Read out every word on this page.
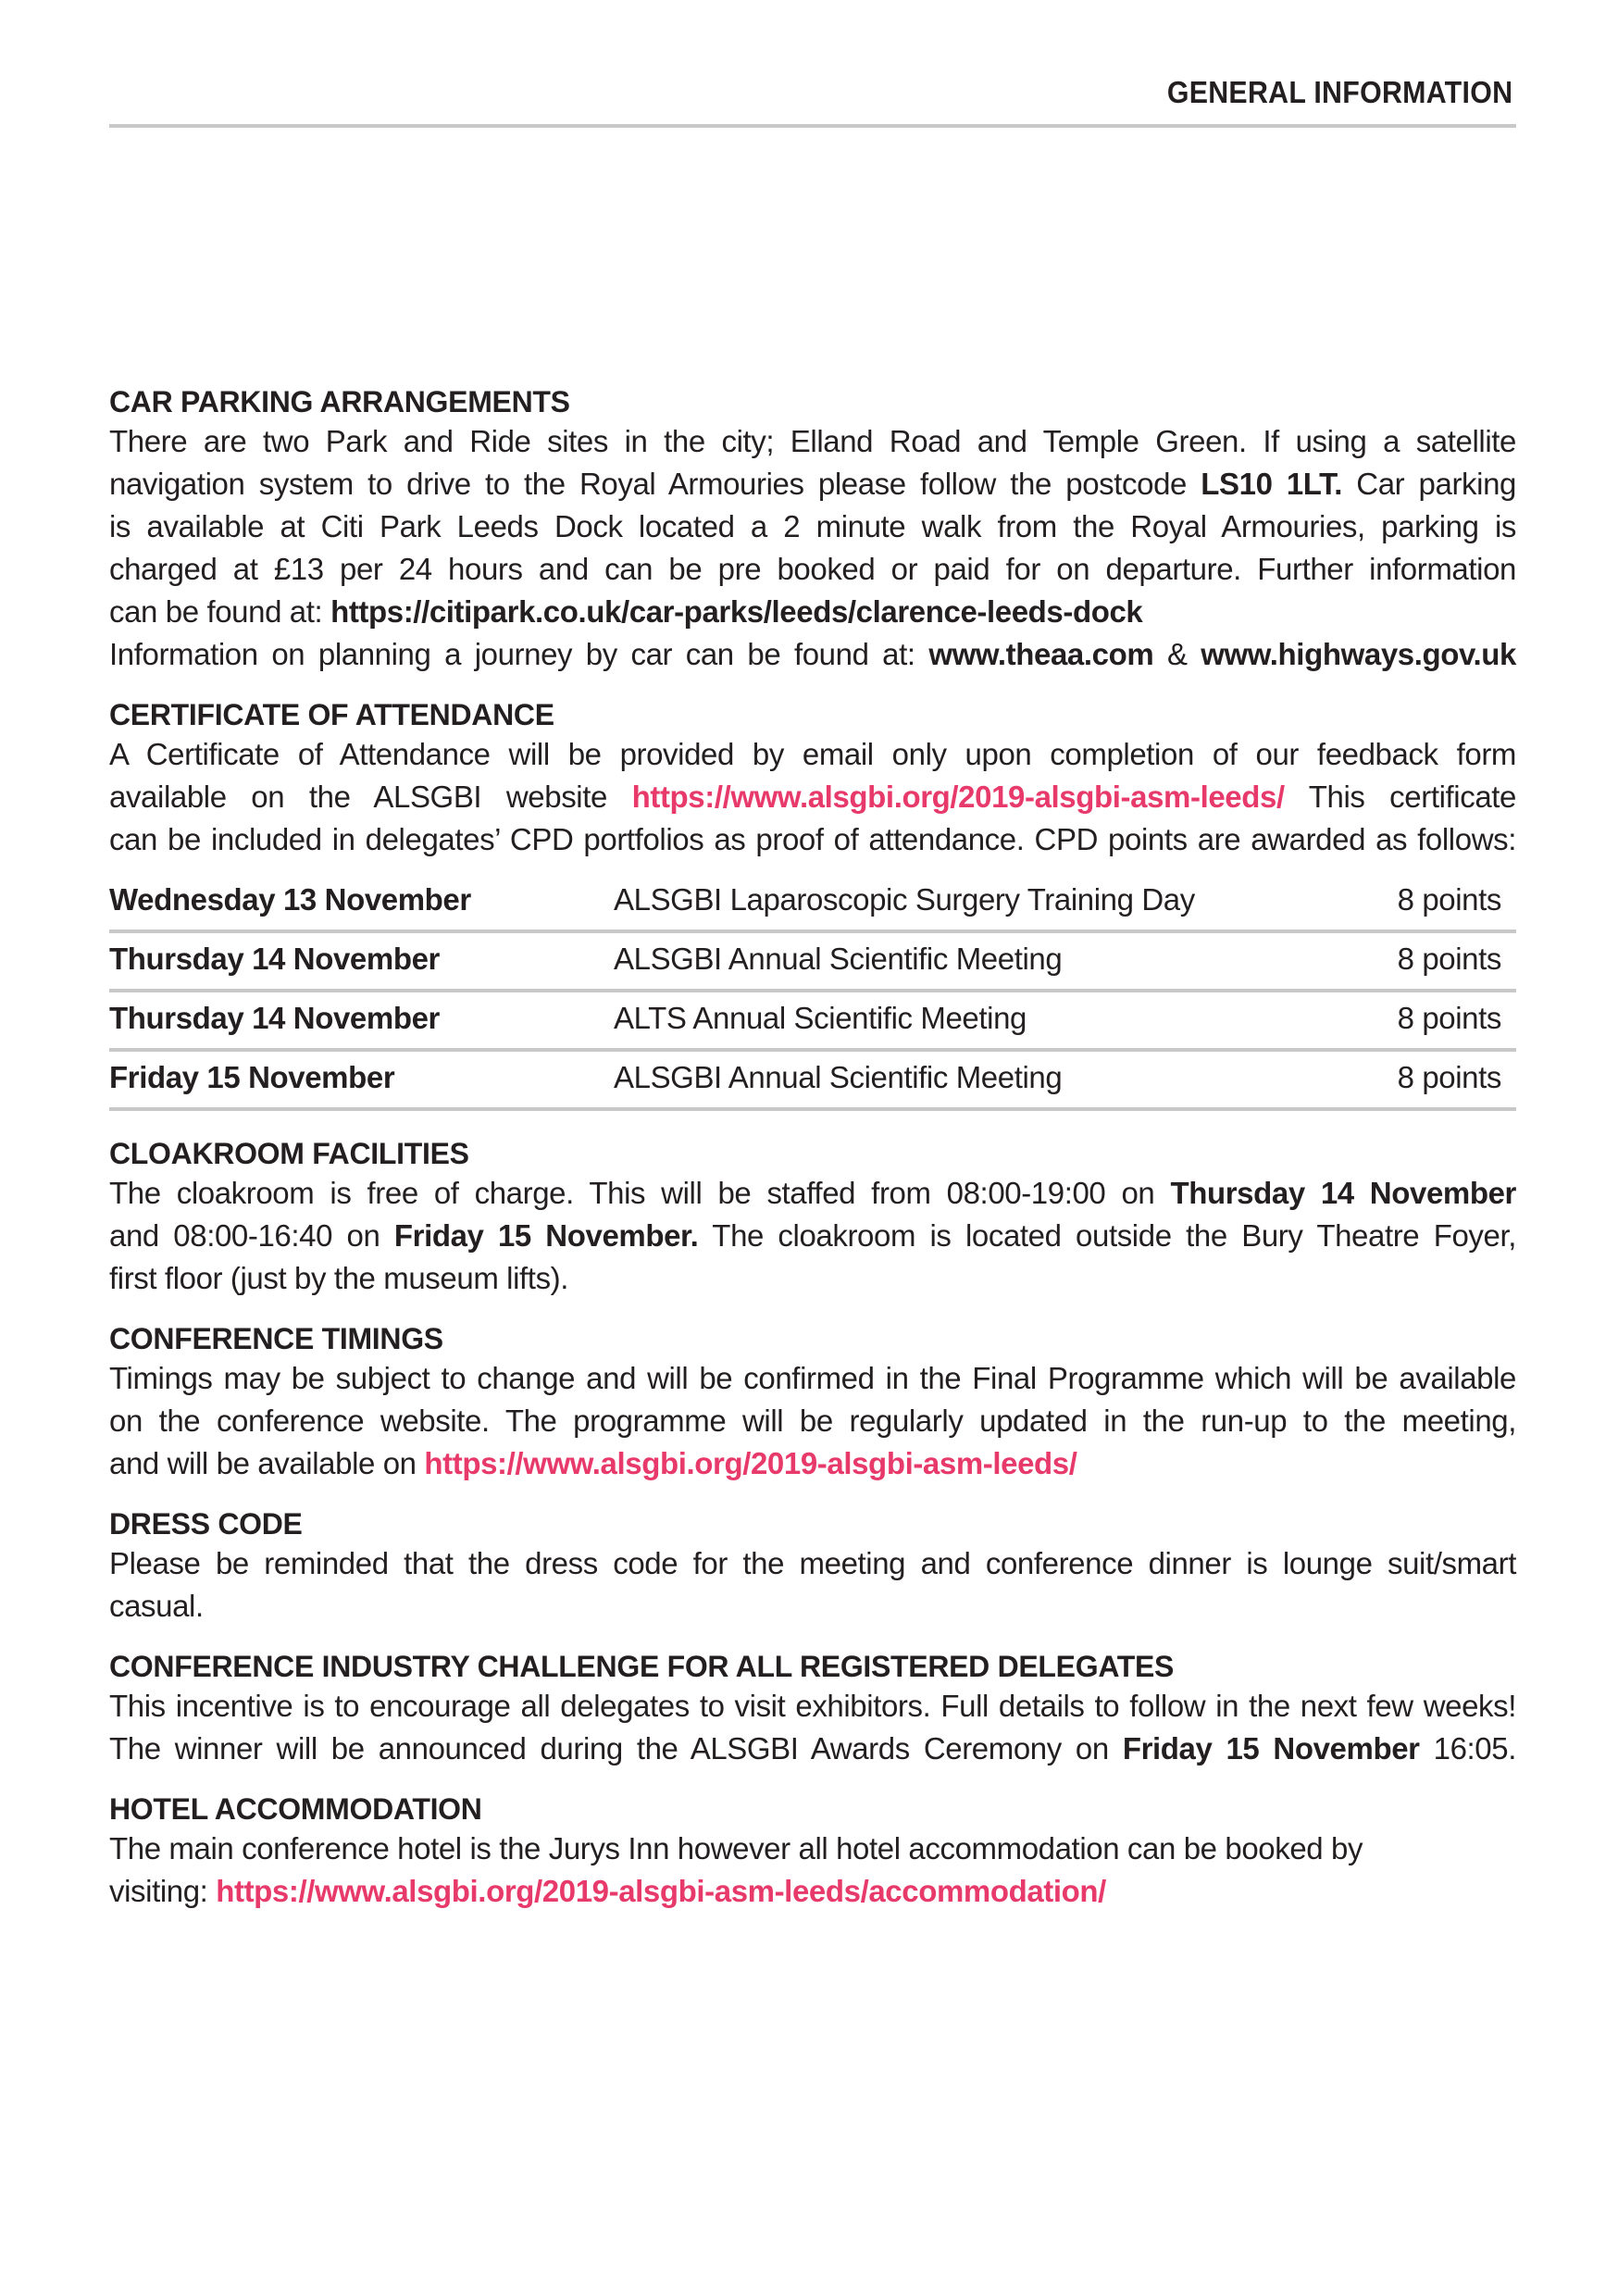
GENERAL INFORMATION
CAR PARKING ARRANGEMENTS

There are two Park and Ride sites in the city; Elland Road and Temple Green. If using a satellite
navigation system to drive to the Royal Armouries please follow the postcode LS10 1LT. Car parking
is available at Citi Park Leeds Dock located a 2 minute walk from the Royal Armouries, parking is
charged at £13 per 24 hours and can be pre booked or paid for on departure. Further information
can be found at: https://citipark.co.uk/car-parks/leeds/clarence-leeds-dock
Information on planning a journey by car can be found at: www.theaa.com & www.highways.gov.uk

CERTIFICATE OF ATTENDANCE

A Certificate of Attendance will be provided by email only upon completion of our feedback form
available on the ALSGBI website https://www.alsgbi.org/2019-alsgbi-asm-leeds/ This certificate
can be included in delegates’ CPD portfolios as proof of attendance. CPD points are awarded as follows:

Wednesday 13 November	ALSGBI Laparoscopic Surgery Training Day	8 points
Thursday 14 November	ALSGBI Annual Scientific Meeting	8 points
Thursday 14 November	ALTS Annual Scientific Meeting	8 points
Friday 15 November	ALSGBI Annual Scientific Meeting	8 points
CLOAKROOM FACILITIES

The cloakroom is free of charge. This will be staffed from 08:00-19:00 on Thursday 14 November
and 08:00-16:40 on Friday 15 November. The cloakroom is located outside the Bury Theatre Foyer,
first floor (just by the museum lifts).

CONFERENCE TIMINGS

Timings may be subject to change and will be confirmed in the Final Programme which will be available
on the conference website. The programme will be regularly updated in the run-up to the meeting,
and will be available on https://www.alsgbi.org/2019-alsgbi-asm-leeds/

DRESS CODE

Please be reminded that the dress code for the meeting and conference dinner is lounge suit/smart
casual.

CONFERENCE INDUSTRY CHALLENGE FOR ALL REGISTERED DELEGATES

This incentive is to encourage all delegates to visit exhibitors. Full details to follow in the next few weeks!
The winner will be announced during the ALSGBI Awards Ceremony on Friday 15 November 16:05.

HOTEL ACCOMMODATION

The main conference hotel is the Jurys Inn however all hotel accommodation can be booked by
visiting: https://www.alsgbi.org/2019-alsgbi-asm-leeds/accommodation/
